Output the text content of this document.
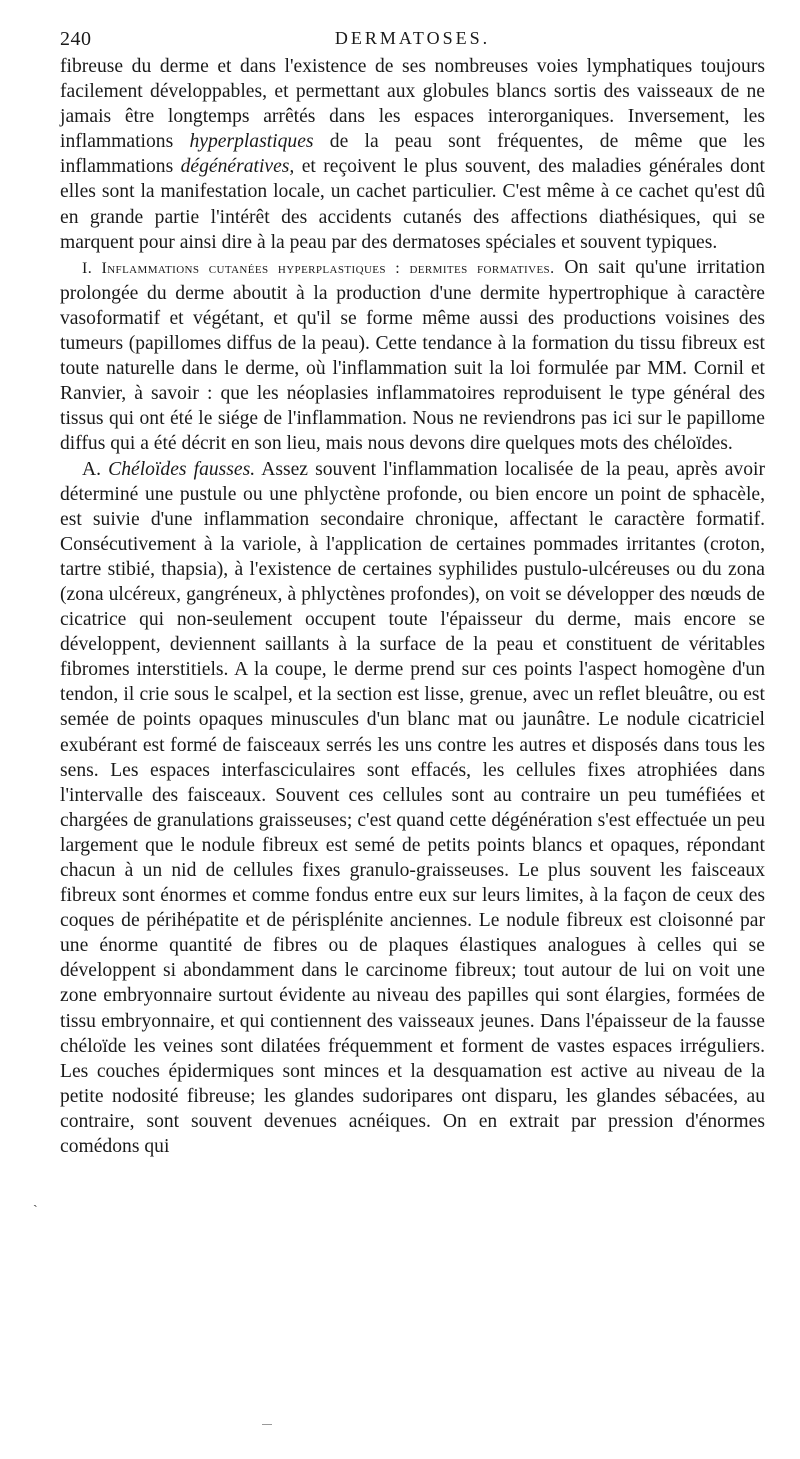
240	DERMATOSES.

fibreuse du derme et dans l'existence de ses nombreuses voies lymphatiques toujours facilement développables, et permettant aux globules blancs sortis des vaisseaux de ne jamais être longtemps arrêtés dans les espaces interorganiques. Inversement, les inflammations hyperplastiques de la peau sont fréquentes, de même que les inflammations dégénératives, et reçoivent le plus souvent, des maladies générales dont elles sont la manifestation locale, un cachet particulier. C'est même à ce cachet qu'est dû en grande partie l'intérêt des accidents cutanés des affections diathésiques, qui se marquent pour ainsi dire à la peau par des dermatoses spéciales et souvent typiques.

I. Inflammations cutanées hyperplastiques : dermites formatives. On sait qu'une irritation prolongée du derme aboutit à la production d'une dermite hypertrophique à caractère vasoformatif et végétant, et qu'il se forme même aussi des productions voisines des tumeurs (papillomes diffus de la peau). Cette tendance à la formation du tissu fibreux est toute naturelle dans le derme, où l'inflammation suit la loi formulée par MM. Cornil et Ranvier, à savoir : que les néoplasies inflammatoires reproduisent le type général des tissus qui ont été le siége de l'inflammation. Nous ne reviendrons pas ici sur le papillome diffus qui a été décrit en son lieu, mais nous devons dire quelques mots des chéloïdes.

A. Chéloïdes fausses. Assez souvent l'inflammation localisée de la peau, après avoir déterminé une pustule ou une phlyctène profonde, ou bien encore un point de sphacèle, est suivie d'une inflammation secondaire chronique, affectant le caractère formatif. Consécutivement à la variole, à l'application de certaines pommades irritantes (croton, tartre stibié, thapsia), à l'existence de certaines syphilides pustulo-ulcéreuses ou du zona (zona ulcéreux, gangréneux, à phlyctènes profondes), on voit se développer des nœuds de cicatrice qui non-seulement occupent toute l'épaisseur du derme, mais encore se développent, deviennent saillants à la surface de la peau et constituent de véritables fibromes interstitiels. A la coupe, le derme prend sur ces points l'aspect homogène d'un tendon, il crie sous le scalpel, et la section est lisse, grenue, avec un reflet bleuâtre, ou est semée de points opaques minuscules d'un blanc mat ou jaunâtre. Le nodule cicatriciel exubérant est formé de faisceaux serrés les uns contre les autres et disposés dans tous les sens. Les espaces interfasciculaires sont effacés, les cellules fixes atrophiées dans l'intervalle des faisceaux. Souvent ces cellules sont au contraire un peu tuméfiées et chargées de granulations graisseuses; c'est quand cette dégénération s'est effectuée un peu largement que le nodule fibreux est semé de petits points blancs et opaques, répondant chacun à un nid de cellules fixes granulo-graisseuses. Le plus souvent les faisceaux fibreux sont énormes et comme fondus entre eux sur leurs limites, à la façon de ceux des coques de périhépatite et de périsplénite anciennes. Le nodule fibreux est cloisonné par une énorme quantité de fibres ou de plaques élastiques analogues à celles qui se développent si abondamment dans le carcinome fibreux; tout autour de lui on voit une zone embryonnaire surtout évidente au niveau des papilles qui sont élargies, formées de tissu embryonnaire, et qui contiennent des vaisseaux jeunes. Dans l'épaisseur de la fausse chéloïde les veines sont dilatées fréquemment et forment de vastes espaces irréguliers. Les couches épidermiques sont minces et la desquamation est active au niveau de la petite nodosité fibreuse; les glandes sudoripares ont disparu, les glandes sébacées, au contraire, sont souvent devenues acnéiques. On en extrait par pression d'énormes comédons qui

ˎ
